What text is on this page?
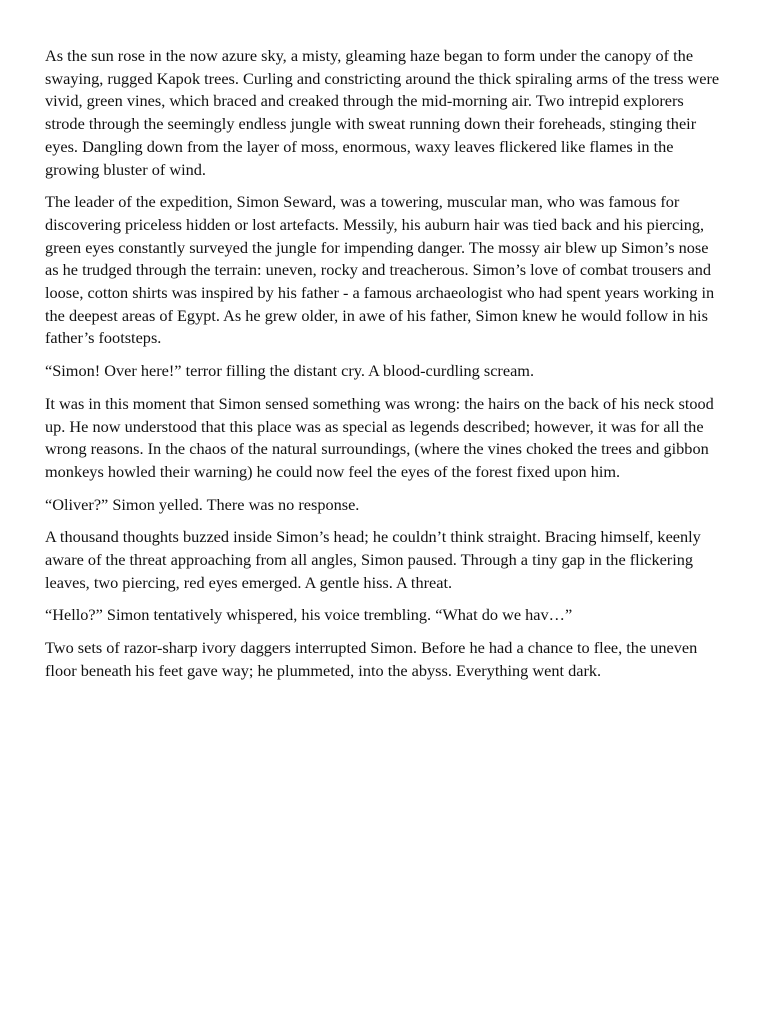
As the sun rose in the now azure sky, a misty, gleaming haze began to form under the canopy of the swaying, rugged Kapok trees. Curling and constricting around the thick spiraling arms of the tress were vivid, green vines, which braced and creaked through the mid-morning air. Two intrepid explorers strode through the seemingly endless jungle with sweat running down their foreheads, stinging their eyes. Dangling down from the layer of moss, enormous, waxy leaves flickered like flames in the growing bluster of wind.

The leader of the expedition, Simon Seward, was a towering, muscular man, who was famous for discovering priceless hidden or lost artefacts. Messily, his auburn hair was tied back and his piercing, green eyes constantly surveyed the jungle for impending danger. The mossy air blew up Simon’s nose as he trudged through the terrain: uneven, rocky and treacherous. Simon’s love of combat trousers and loose, cotton shirts was inspired by his father - a famous archaeologist who had spent years working in the deepest areas of Egypt. As he grew older, in awe of his father, Simon knew he would follow in his father’s footsteps.

“Simon! Over here!” terror filling the distant cry. A blood-curdling scream.

It was in this moment that Simon sensed something was wrong: the hairs on the back of his neck stood up. He now understood that this place was as special as legends described; however, it was for all the wrong reasons. In the chaos of the natural surroundings, (where the vines choked the trees and gibbon monkeys howled their warning) he could now feel the eyes of the forest fixed upon him.

“Oliver?” Simon yelled. There was no response.

A thousand thoughts buzzed inside Simon’s head; he couldn’t think straight. Bracing himself, keenly aware of the threat approaching from all angles, Simon paused. Through a tiny gap in the flickering leaves, two piercing, red eyes emerged. A gentle hiss. A threat.

“Hello?” Simon tentatively whispered, his voice trembling. “What do we hav…”

Two sets of razor-sharp ivory daggers interrupted Simon. Before he had a chance to flee, the uneven floor beneath his feet gave way; he plummeted, into the abyss. Everything went dark.
